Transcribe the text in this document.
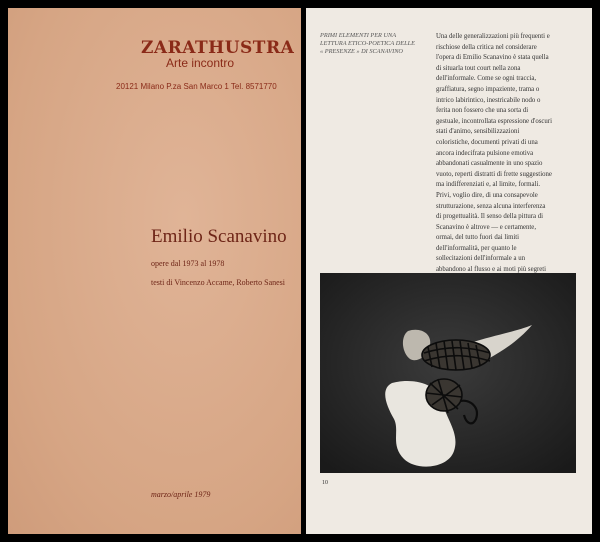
ZARATHUSTRA
Arte incontro
20121 Milano P.za San Marco 1 Tel. 8571770
Emilio Scanavino
opere dal 1973 al 1978
testi di Vincenzo Accame, Roberto Sanesi
marzo/aprile 1979
PRIMI ELEMENTI PER UNA
LETTURA ETICO-POETICA DELLE
« PRESENZE » DI SCANAVINO
Una delle generalizzazioni più frequenti e
rischiose della critica nel considerare
l'opera di Emilio Scanavino è stata quella
di situarla tout court nella zona
dell'informale. Come se ogni traccia,
graffiatura, segno impaziente, trama o
intrico labirintico, inestricabile nodo o
ferita non fossero che una sorta di
gestuale, incontrollata espressione d'oscuri
stati d'animo, sensibilizzazioni
coloristiche, documenti privati di una
ancora indecifrata pulsione emotiva
abbandonati casualmente in uno spazio
vuoto, reperti distratti di frette suggestione
ma indifferenziati e, al limite, formali.
Privi, voglio dire, di una consapevole
strutturazione, senza alcuna interferenza
di progettualità. Il senso della pittura di
Scanavino è altrove — e certamente,
ormai, del tutto fuori dai limiti
dell'informalità, per quanto le
sollecitazioni dell'informale a un
abbandono al flusso e ai moti più segreti
10
